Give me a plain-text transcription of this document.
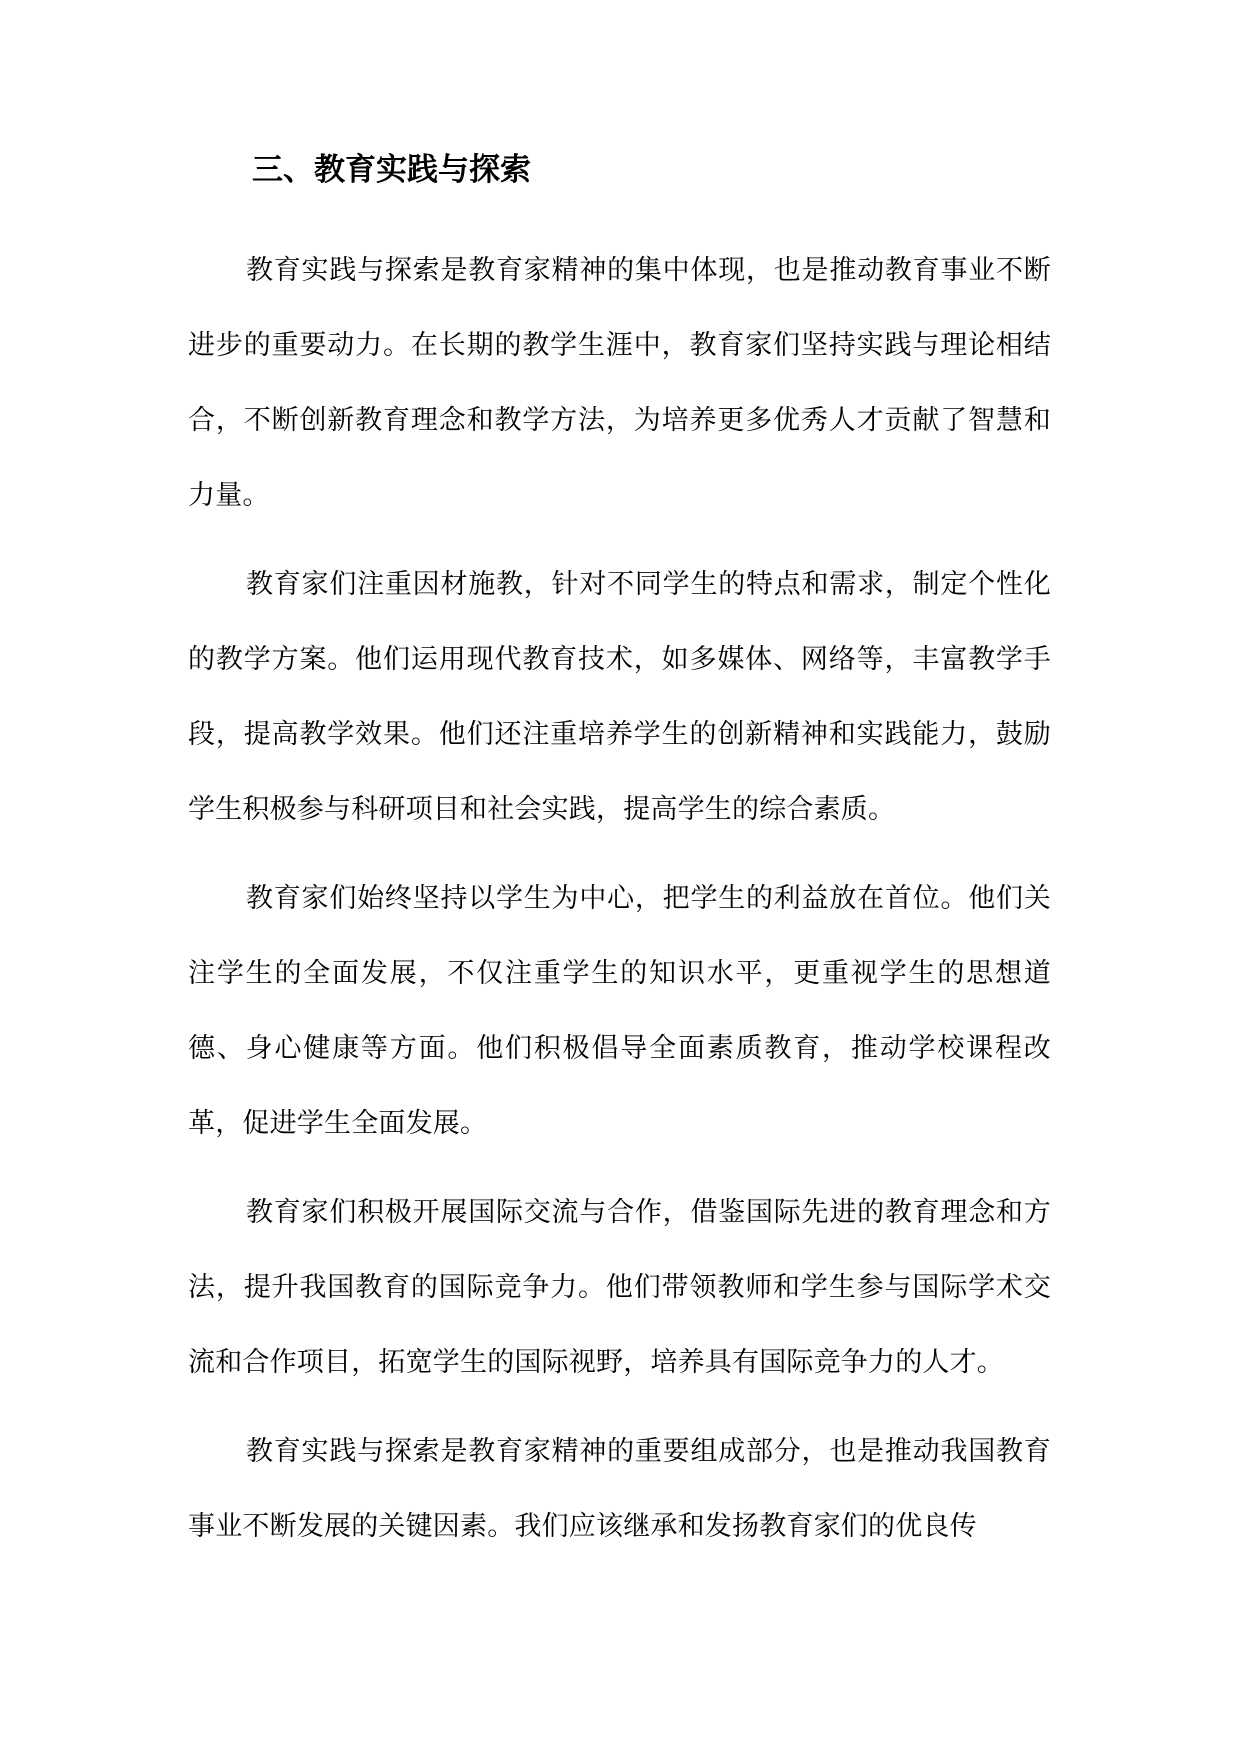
三、教育实践与探索

教育实践与探索是教育家精神的集中体现，也是推动教育事业不断进步的重要动力。在长期的教学生涯中，教育家们坚持实践与理论相结合，不断创新教育理念和教学方法，为培养更多优秀人才贡献了智慧和力量。

教育家们注重因材施教，针对不同学生的特点和需求，制定个性化的教学方案。他们运用现代教育技术，如多媒体、网络等，丰富教学手段，提高教学效果。他们还注重培养学生的创新精神和实践能力，鼓励学生积极参与科研项目和社会实践，提高学生的综合素质。

教育家们始终坚持以学生为中心，把学生的利益放在首位。他们关注学生的全面发展，不仅注重学生的知识水平，更重视学生的思想道德、身心健康等方面。他们积极倡导全面素质教育，推动学校课程改革，促进学生全面发展。

教育家们积极开展国际交流与合作，借鉴国际先进的教育理念和方法，提升我国教育的国际竞争力。他们带领教师和学生参与国际学术交流和合作项目，拓宽学生的国际视野，培养具有国际竞争力的人才。

教育实践与探索是教育家精神的重要组成部分，也是推动我国教育事业不断发展的关键因素。我们应该继承和发扬教育家们的优良传
